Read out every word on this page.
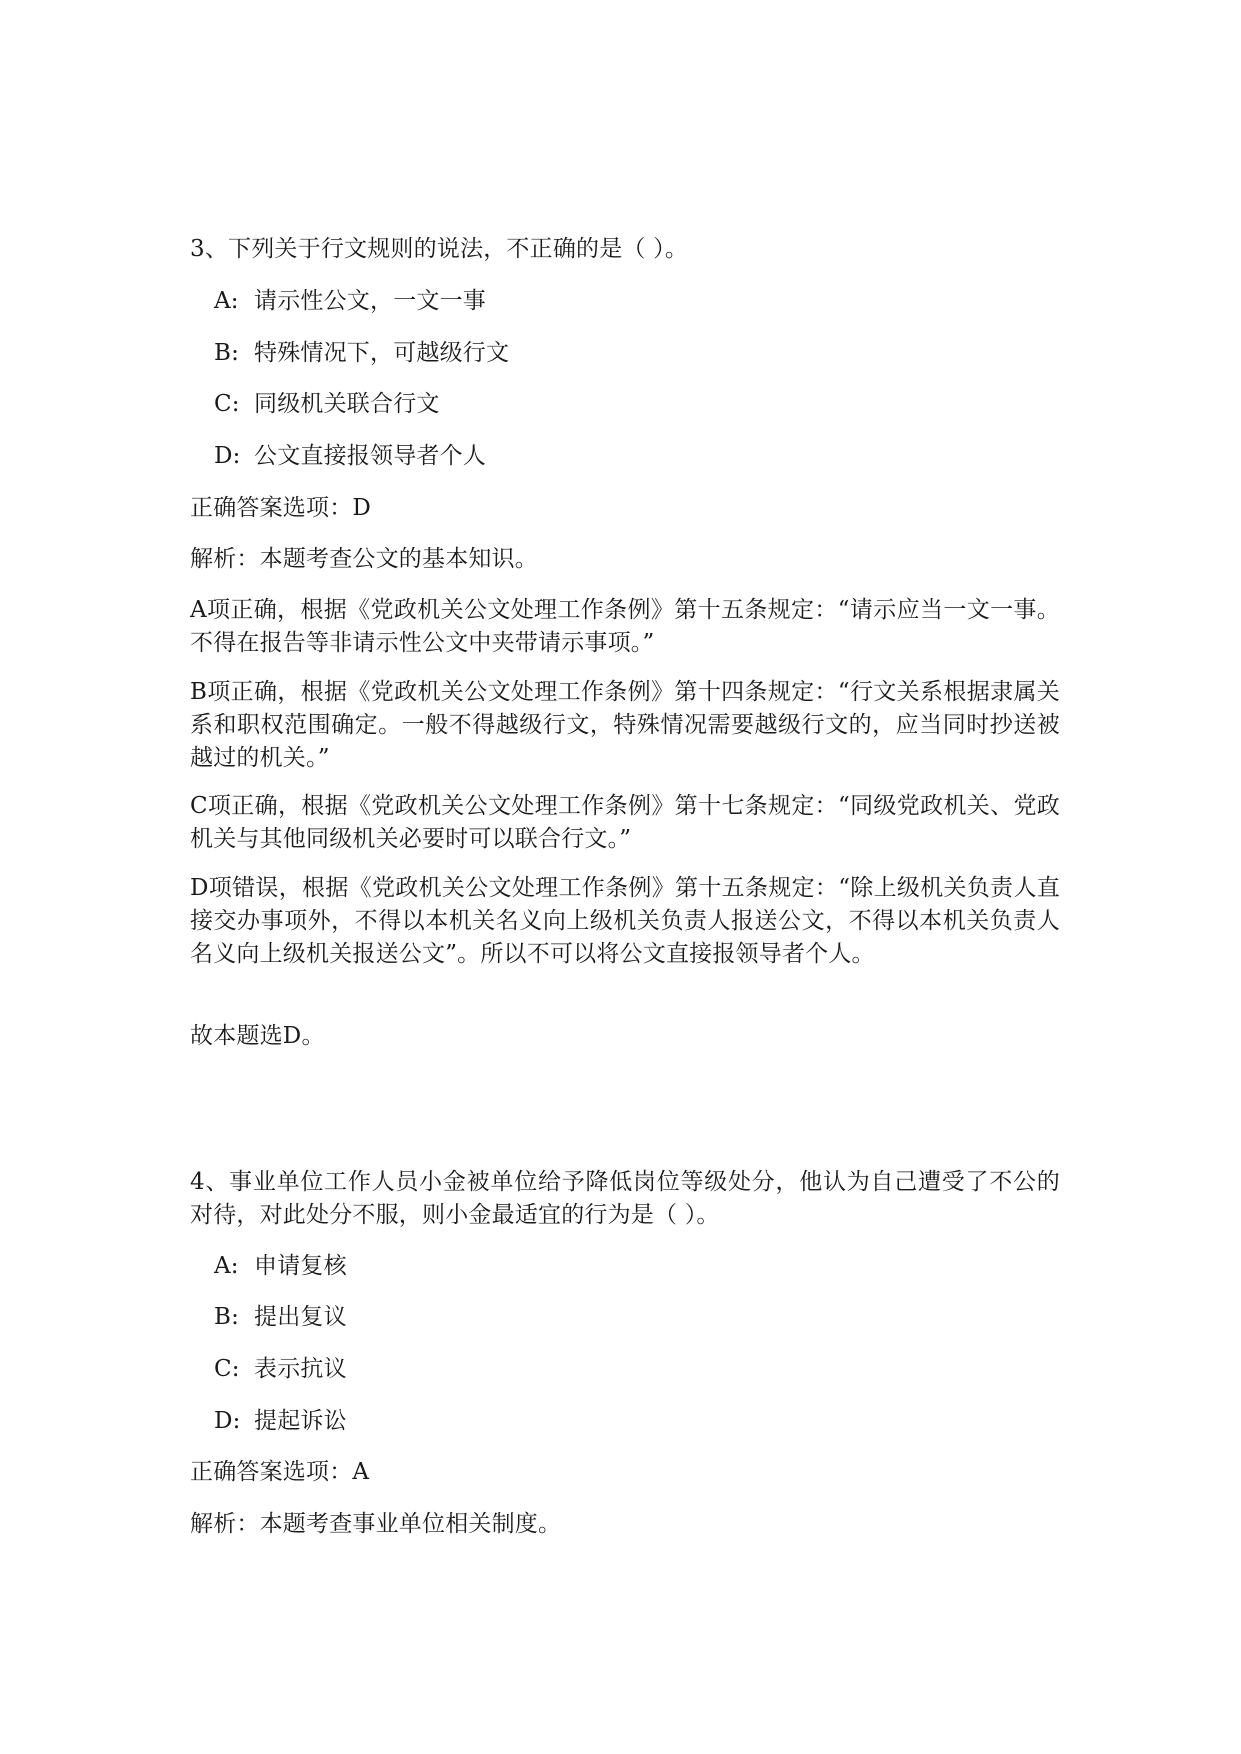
3、下列关于行文规则的说法，不正确的是（ ）。
A: 请示性公文，一文一事
B: 特殊情况下，可越级行文
C: 同级机关联合行文
D: 公文直接报领导者个人
正确答案选项：D
解析：本题考查公文的基本知识。
A项正确，根据《党政机关公文处理工作条例》第十五条规定：“请示应当一文一事。不得在报告等非请示性公文中夹带请示事项。”
B项正确，根据《党政机关公文处理工作条例》第十四条规定：“行文关系根据隶属关系和职权范围确定。一般不得越级行文，特殊情况需要越级行文的，应当同时抄送被越过的机关。”
C项正确，根据《党政机关公文处理工作条例》第十七条规定：“同级党政机关、党政机关与其他同级机关必要时可以联合行文。”
D项错误，根据《党政机关公文处理工作条例》第十五条规定：“除上级机关负责人直接交办事项外，不得以本机关名义向上级机关负责人报送公文，不得以本机关负责人名义向上级机关报送公文”。所以不可以将公文直接报领导者个人。
故本题选D。
4、事业单位工作人员小金被单位给予降低岗位等级处分，他认为自己遭受了不公的对待，对此处分不服，则小金最适宜的行为是（ ）。
A: 申请复核
B: 提出复议
C: 表示抗议
D: 提起诉讼
正确答案选项：A
解析：本题考查事业单位相关制度。
